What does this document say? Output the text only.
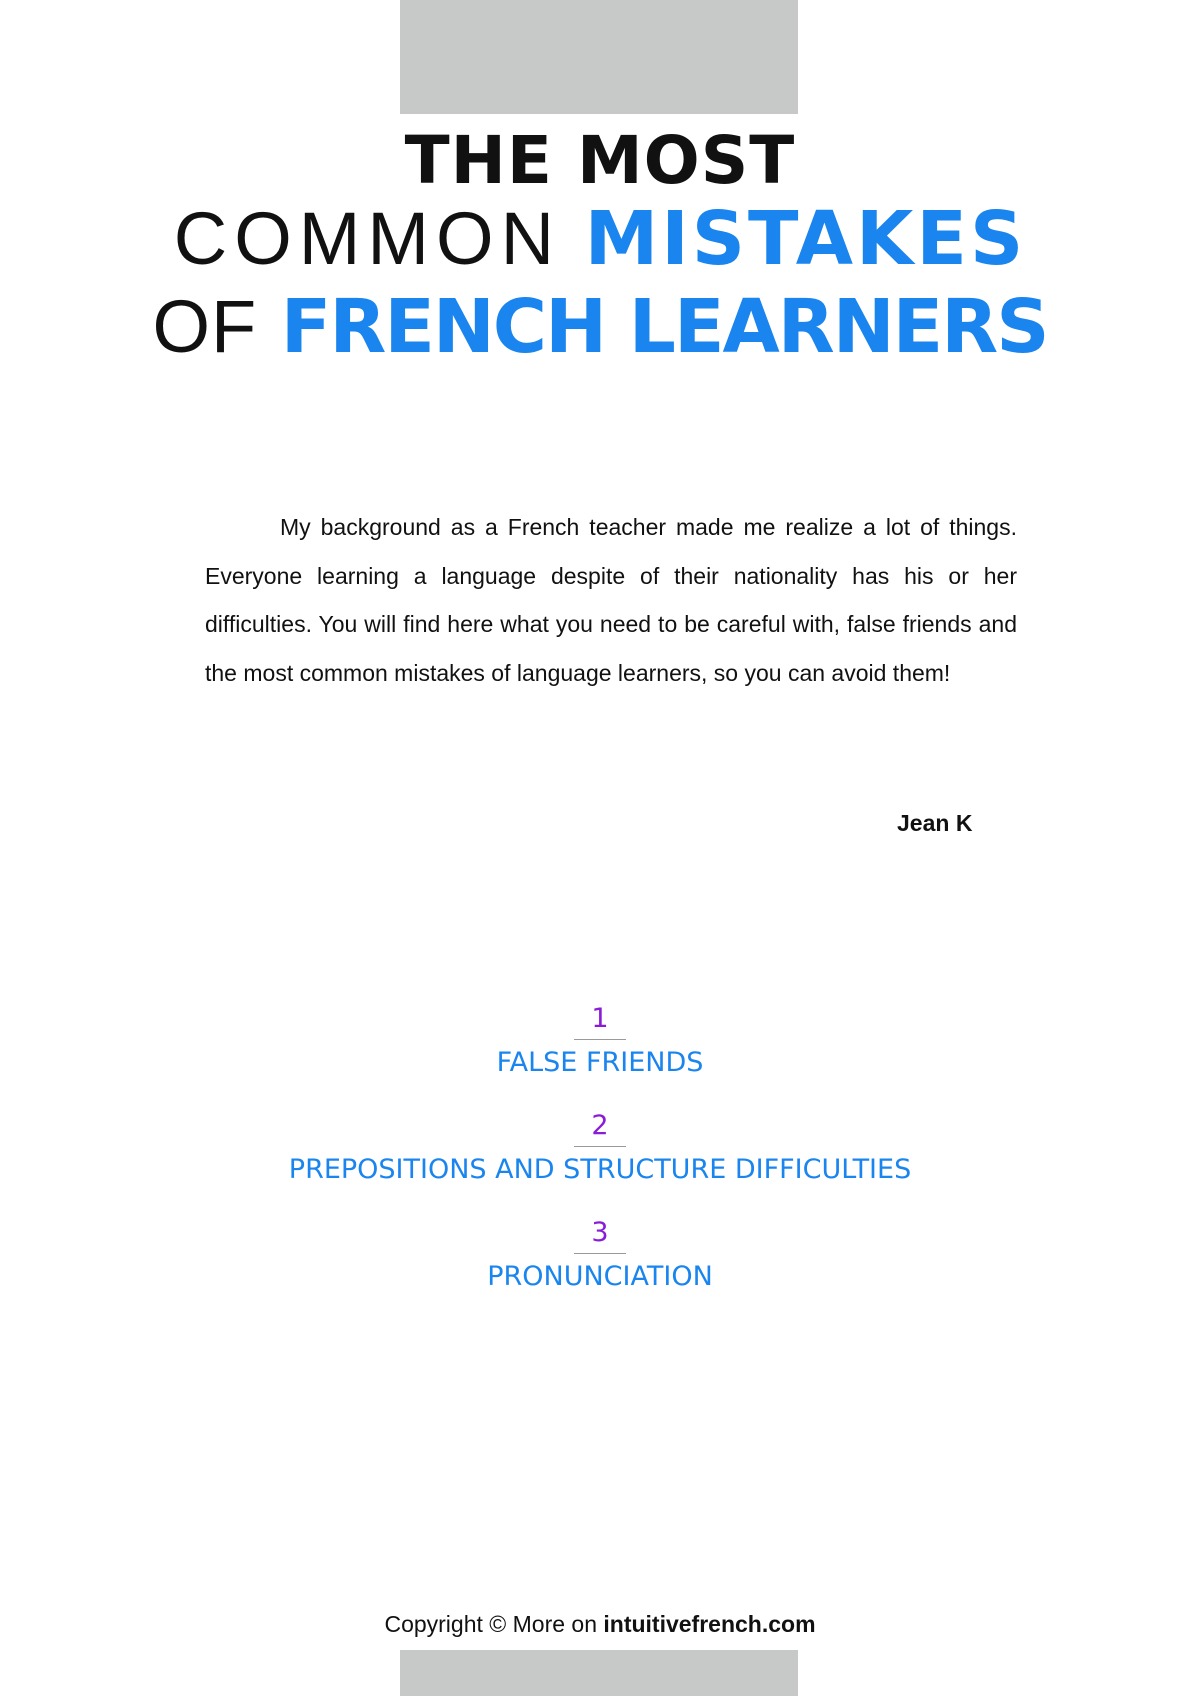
THE MOST
COMMON MISTAKES
OF FRENCH LEARNERS

My background as a French teacher made me realize a lot of things. Everyone learning a language despite of their nationality has his or her difficulties. You will find here what you need to be careful with, false friends and the most common mistakes of language learners, so you can avoid them!

Jean K

1
FALSE FRIENDS
2
PREPOSITIONS AND STRUCTURE DIFFICULTIES
3
PRONUNCIATION

Copyright © More on intuitivefrench.com
